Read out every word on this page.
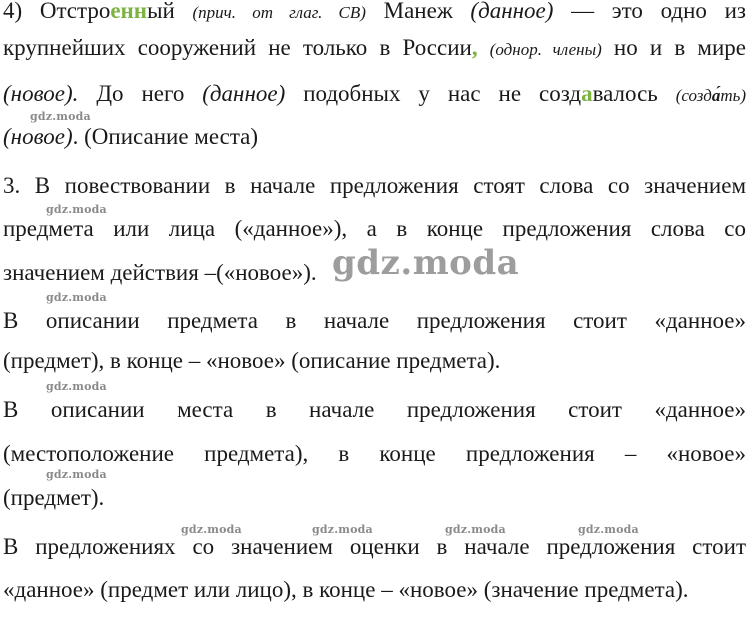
4) Отстроенный (прич. от глаг. СВ) Манеж (данное) — это одно из
крупнейших сооружений не только в России, (однор. члены) но и в мире
(новое). До него (данное) подобных у нас не создавалось (созда́ть)
(новое). (Описание места)
3. В повествовании в начале предложения стоят слова со значением
предмета или лица («данное»), а в конце предложения слова со
значением действия –(«новое»).
В описании предмета в начале предложения стоит «данное»
(предмет), в конце – «новое» (описание предмета).
В описании места в начале предложения стоит «данное»
(местоположение предмета), в конце предложения – «новое»
(предмет).
В предложениях со значением оценки в начале предложения стоит
«данное» (предмет или лицо), в конце – «новое» (значение предмета).
gdz.moda
gdz.moda
gdz.moda
gdz.moda
gdz.moda
gdz.moda	gdz.moda	gdz.moda	gdz.moda
gdz.moda
